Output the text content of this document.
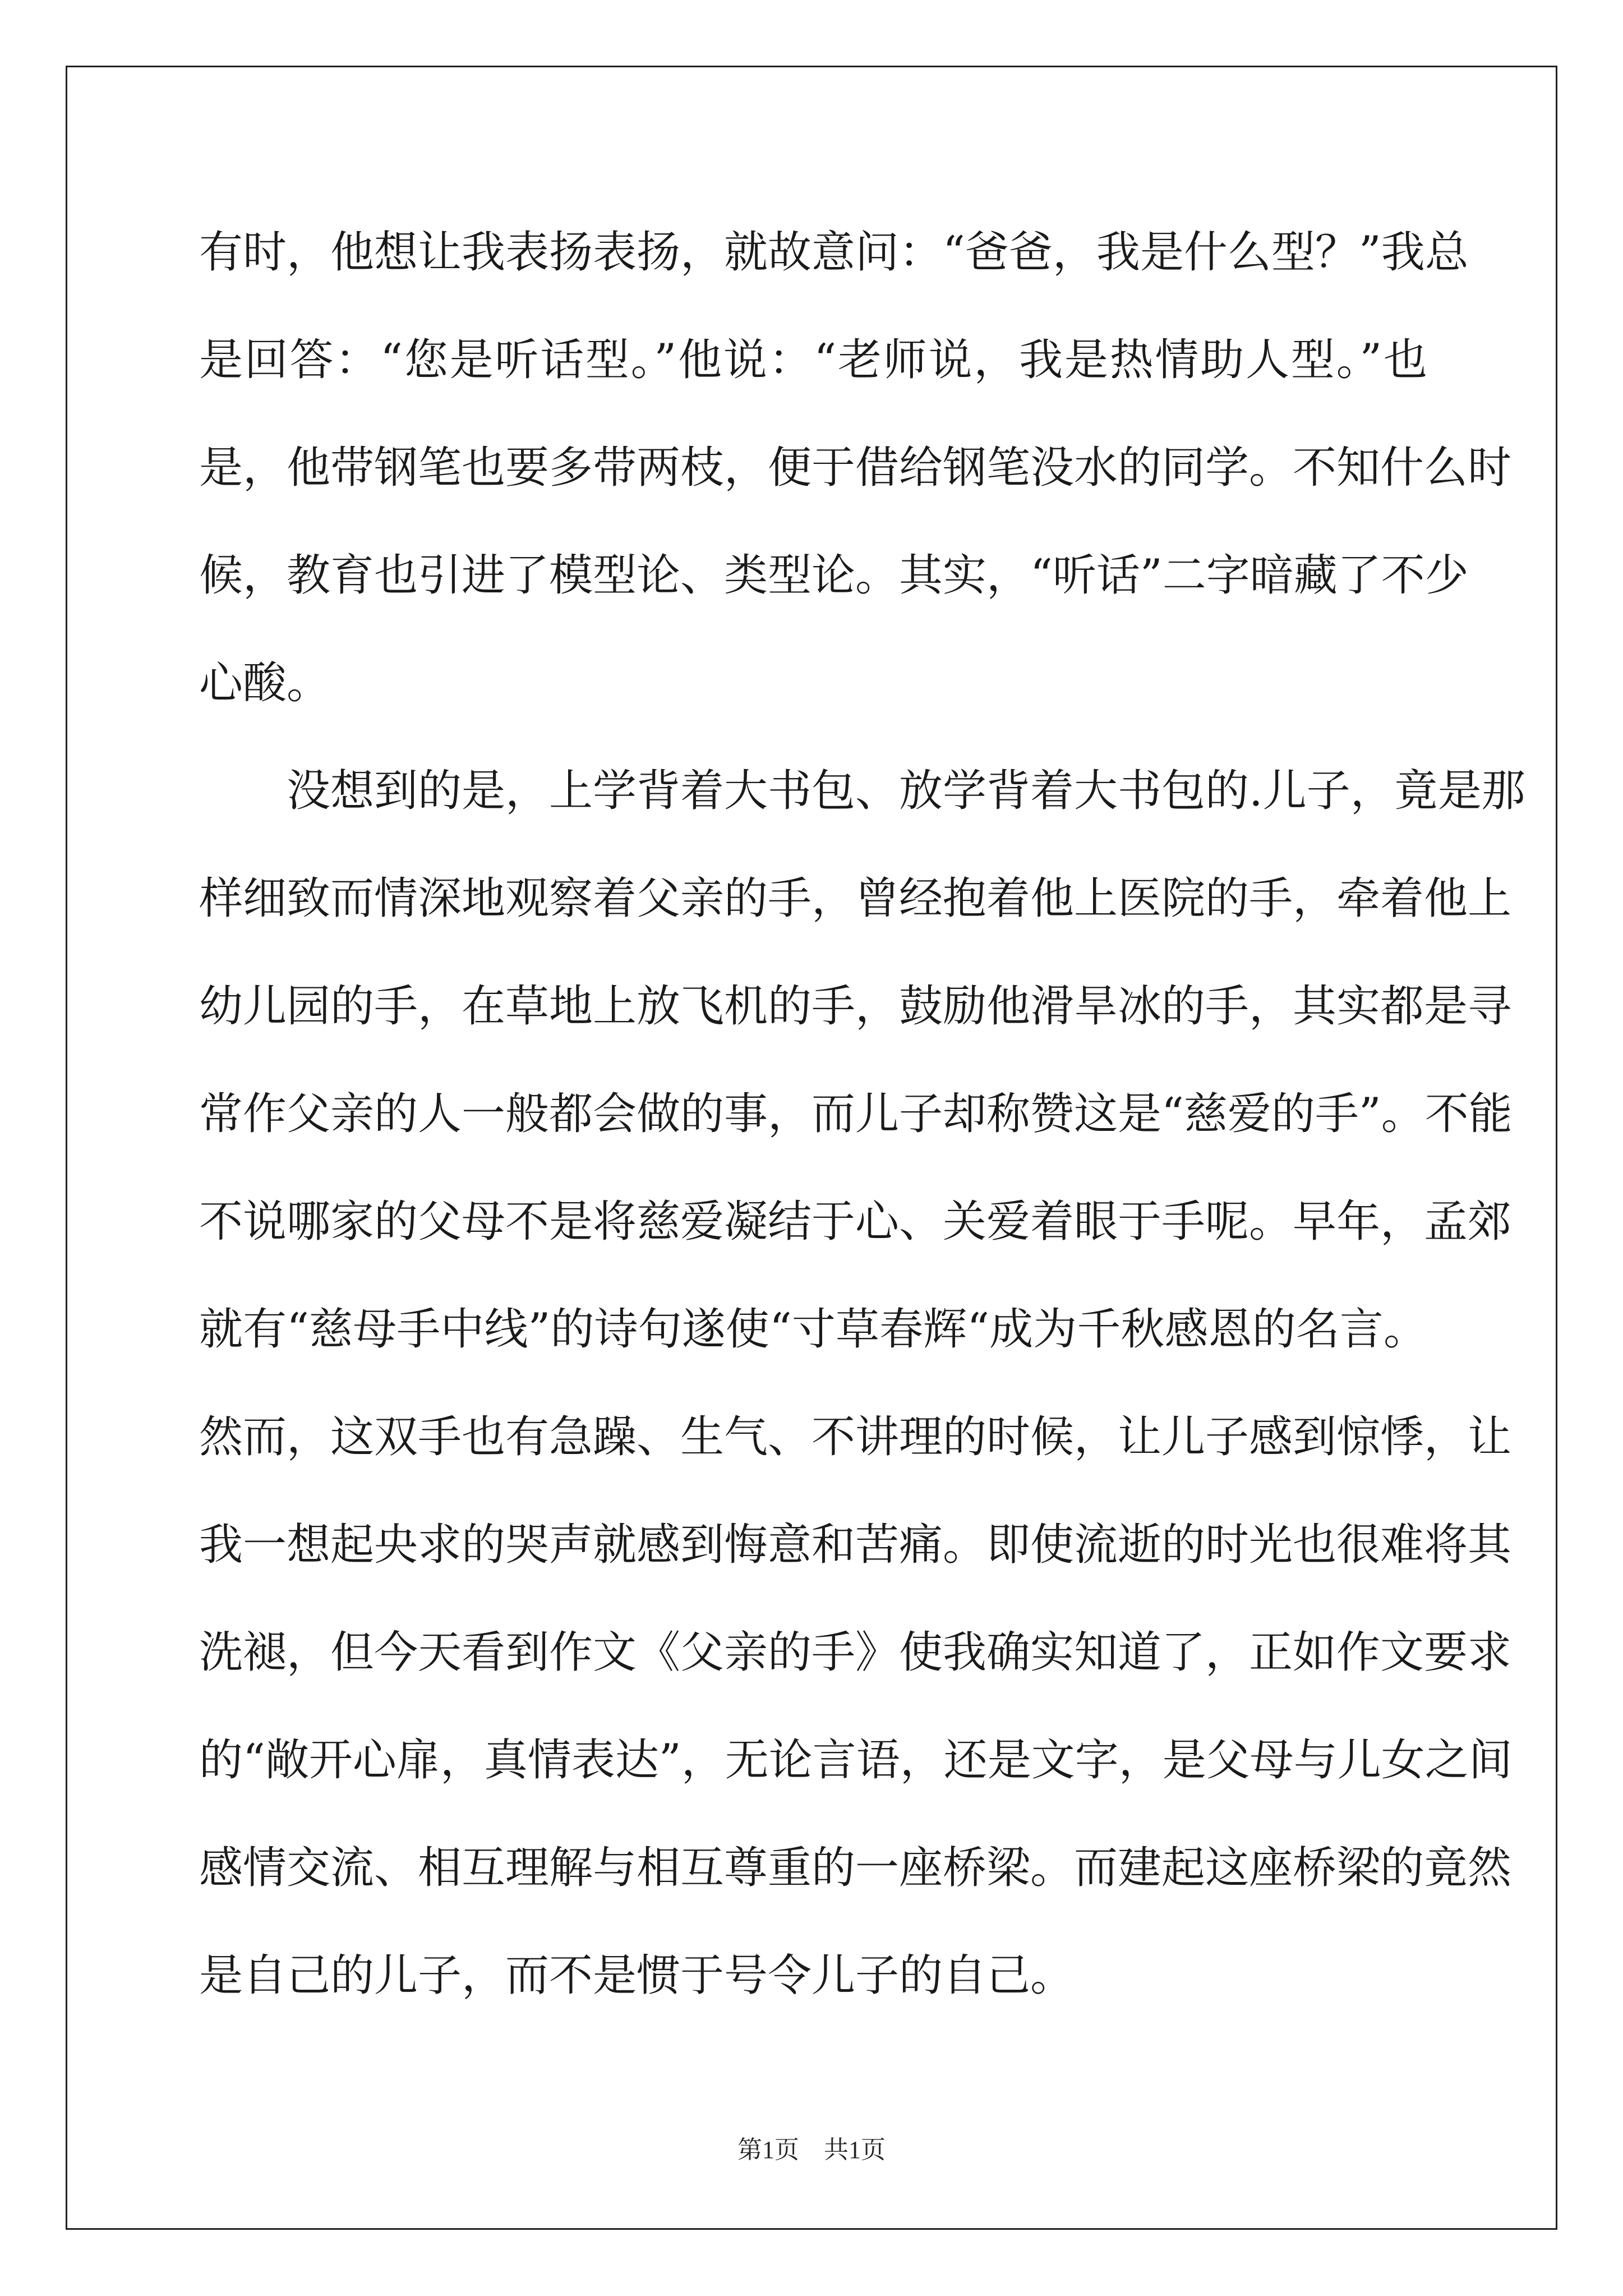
有时，他想让我表扬表扬，就故意问：“爸爸，我是什么型？”我总
是回答：“您是听话型。”他说：“老师说，我是热情助人型。”也
是，他带钢笔也要多带两枝，便于借给钢笔没水的同学。不知什么时
候，教育也引进了模型论、类型论。其实，“听话”二字暗藏了不少
心酸。
　　没想到的是，上学背着大书包、放学背着大书包的.儿子，竟是那
样细致而情深地观察着父亲的手，曾经抱着他上医院的手，牵着他上
幼儿园的手，在草地上放飞机的手，鼓励他滑旱冰的手，其实都是寻
常作父亲的人一般都会做的事，而儿子却称赞这是“慈爱的手”。不能
不说哪家的父母不是将慈爱凝结于心、关爱着眼于手呢。早年，孟郊
就有“慈母手中线”的诗句遂使“寸草春辉“成为千秋感恩的名言。
然而，这双手也有急躁、生气、不讲理的时候，让儿子感到惊悸，让
我一想起央求的哭声就感到悔意和苦痛。即使流逝的时光也很难将其
洗褪，但今天看到作文《父亲的手》使我确实知道了，正如作文要求
的“敞开心扉，真情表达”，无论言语，还是文字，是父母与儿女之间
感情交流、相互理解与相互尊重的一座桥梁。而建起这座桥梁的竟然
是自己的儿子，而不是惯于号令儿子的自己。
第1页　共1页
